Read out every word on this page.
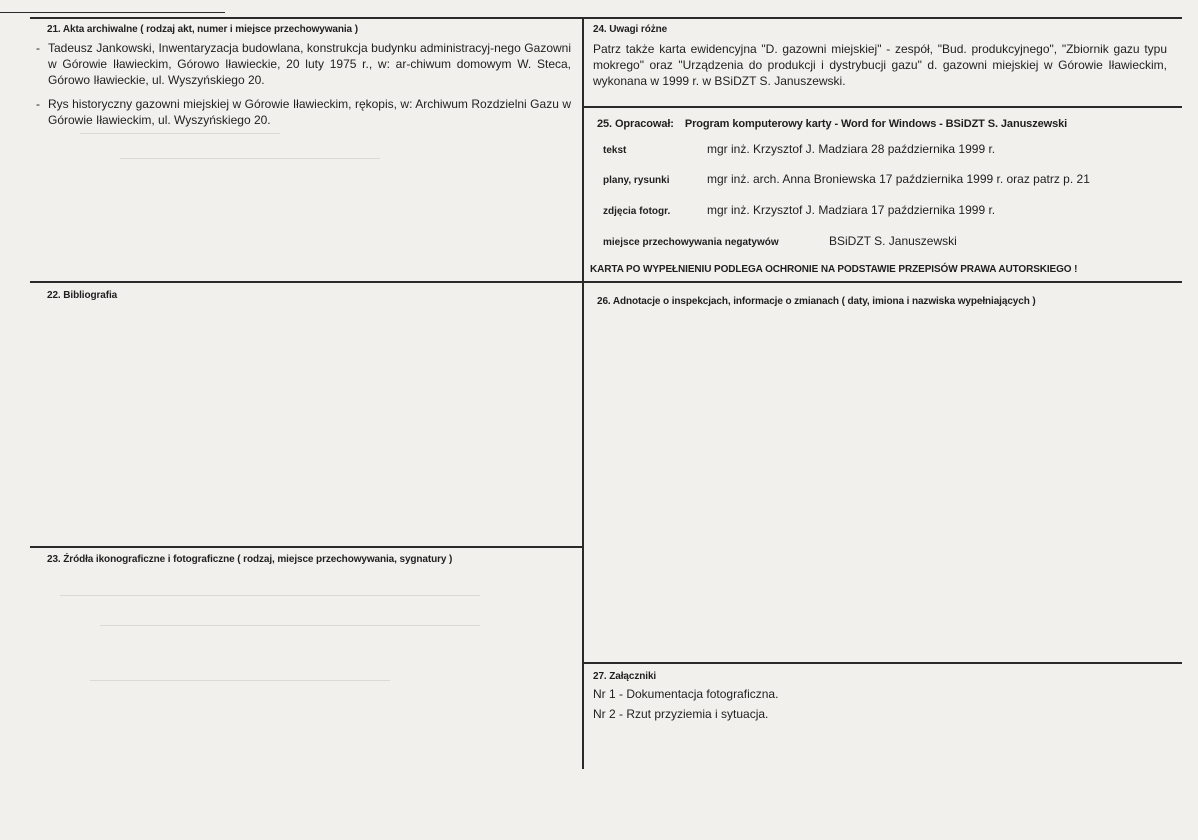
21. Akta archiwalne ( rodzaj akt, numer i miejsce przechowywania )
- Tadeusz Jankowski, Inwentaryzacja budowlana, konstrukcja budynku administracyj-nego Gazowni w Górowie Iławieckim, Górowo Iławieckie, 20 luty 1975 r., w: ar-chiwum domowym W. Steca, Górowo Iławieckie, ul. Wyszyńskiego 20.
- Rys historyczny gazowni miejskiej w Górowie Iławieckim, rękopis, w: Archiwum Rozdzielni Gazu w Górowie Iławieckim, ul. Wyszyńskiego 20.
22. Bibliografia
23. Źródła ikonograficzne i fotograficzne ( rodzaj, miejsce przechowywania, sygnatury )
24. Uwagi różne
Patrz także karta ewidencyjna "D. gazowni miejskiej" - zespół, "Bud. produkcyjnego", "Zbiornik gazu typu mokrego" oraz "Urządzenia do produkcji i dystrybucji gazu" d. gazowni miejskiej w Górowie Iławieckim, wykonana w 1999 r. w BSiDZT S. Januszewski.
25. Opracował: Program komputerowy karty - Word for Windows - BSiDZT S. Januszewski
tekst	mgr inż. Krzysztof J. Madziara 28 października 1999 r.
plany, rysunki	mgr inż. arch. Anna Broniewska 17 października 1999 r. oraz patrz p. 21
zdjęcia fotogr.	mgr inż. Krzysztof J. Madziara 17 października 1999 r.
miejsce przechowywania negatywów	BSiDZT S. Januszewski
KARTA PO WYPEŁNIENIU PODLEGA OCHRONIE NA PODSTAWIE PRZEPISÓW PRAWA AUTORSKIEGO !
26. Adnotacje o inspekcjach, informacje o zmianach ( daty, imiona i nazwiska wypełniających )
27. Załączniki
Nr 1 - Dokumentacja fotograficzna.
Nr 2 - Rzut przyziemia i sytuacja.
